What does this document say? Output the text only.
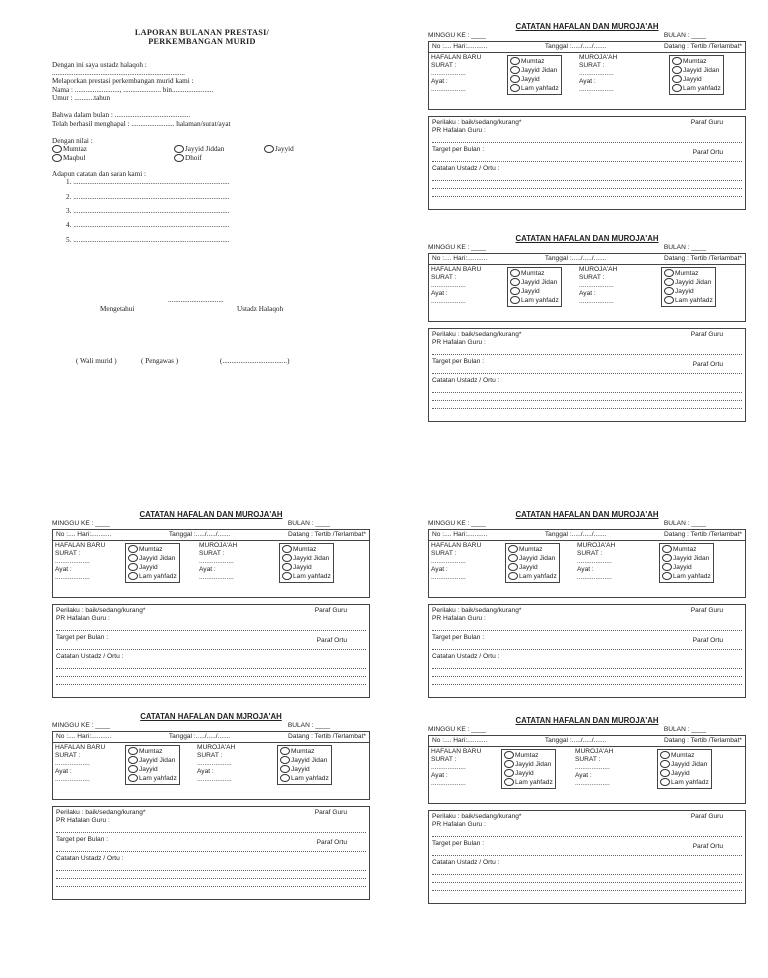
LAPORAN BULANAN PRESTASI/
PERKEMBANGAN MURID
Dengan ini saya ustadz halaqoh :
..........................................................................
Melaporkan prestasi perkembangan murid kami :
Nama : ........................., ..................... bin.......................
Umur : ...........tahun
Bahwa dalam bulan : ..........................................
Telah berhasil menghapal : ........................ halaman/surat/ayat
Dengan nilai :
Mumtaz	Jayyid Jiddan	Jayyid
Maqbul	Dhoif
Adapun catatan dan saran kami :
1. .......................................................................................
2. .......................................................................................
3. .......................................................................................
4. .......................................................................................
5. .......................................................................................
...............................
Mengetahui	Ustadz Halaqoh
( Wali murid )	( Pengawas )	(....................................)
CATATAN HAFALAN DAN MUROJA'AH
MINGGU KE : ____	BULAN : ____
No :.... Hari:...........	Tanggal :...../...../.......	Datang : Tertib /Terlambat*
HAFALAN BARU
SURAT :
...................
Ayat :
...................
Mumtaz
Jayyid Jidan
Jayyid
Lam yahfadz
MUROJA'AH
SURAT :
...................
Ayat :
...................
Mumtaz
Jayyid Jidan
Jayyid
Lam yahfadz
Perilaku : baik/sedang/kurang*
PR Hafalan Guru :
Target per Bulan :
Catatan Ustadz / Ortu :
Paraf Guru
Paraf Ortu
CATATAN HAFALAN DAN MUROJA'AH
MINGGU KE : ____	BULAN : ____
No :.... Hari:...........	Tanggal :...../...../.......	Datang : Tertib /Terlambat*
HAFALAN BARU
SURAT :
...................
Ayat :
...................
Mumtaz
Jayyid Jidan
Jayyid
Lam yahfadz
MUROJA'AH
SURAT :
...................
Ayat :
...................
Mumtaz
Jayyid Jidan
Jayyid
Lam yahfadz
Perilaku : baik/sedang/kurang*
PR Hafalan Guru :
Target per Bulan :
Catatan Ustadz / Ortu :
Paraf Guru
Paraf Ortu
CATATAN HAFALAN DAN MUROJA'AH
MINGGU KE : ____	BULAN : ____
No :.... Hari:...........	Tanggal :...../...../.......	Datang : Tertib /Terlambat*
HAFALAN BARU
SURAT :
...................
Ayat :
...................
Mumtaz
Jayyid Jidan
Jayyid
Lam yahfadz
MUROJA'AH
SURAT :
...................
Ayat :
...................
Mumtaz
Jayyid Jidan
Jayyid
Lam yahfadz
Perilaku : baik/sedang/kurang*
PR Hafalan Guru :
Target per Bulan :
Catatan Ustadz / Ortu :
Paraf Guru
Paraf Ortu
CATATAN HAFALAN DAN MUROJA'AH
MINGGU KE : ____	BULAN : ____
No :.... Hari:...........	Tanggal :...../...../.......	Datang : Tertib /Terlambat*
HAFALAN BARU
SURAT :
...................
Ayat :
...................
Mumtaz
Jayyid Jidan
Jayyid
Lam yahfadz
MUROJA'AH
SURAT :
...................
Ayat :
...................
Mumtaz
Jayyid Jidan
Jayyid
Lam yahfadz
Perilaku : baik/sedang/kurang*
PR Hafalan Guru :
Target per Bulan :
Catatan Ustadz / Ortu :
Paraf Guru
Paraf Ortu
CATATAN HAFALAN DAN MJROJA'AH
MINGGU KE : ____	BULAN : ____
No :.... Hari:...........	Tanggal :...../...../.......	Datang : Tertib /Terlambat*
HAFALAN BARU
SURAT :
...................
Ayat :
...................
Mumtaz
Jayyid Jidan
Jayyid
Lam yahfadz
MUROJA'AH
SURAT :
...................
Ayat :
...................
Mumtaz
Jayyid Jidan
Jayyid
Lam yahfadz
Perilaku : baik/sedang/kurang*
PR Hafalan Guru :
Target per Bulan :
Catatan Ustadz / Ortu :
Paraf Guru
Paraf Ortu
CATATAN HAFALAN DAN MUROJA'AH
MINGGU KE : ____	BULAN : ____
No :.... Hari:...........	Tanggal :...../...../.......	Datang : Tertib /Terlambat*
HAFALAN BARU
SURAT :
...................
Ayat :
...................
Mumtaz
Jayyid Jidan
Jayyid
Lam yahfadz
MUROJA'AH
SURAT :
...................
Ayat :
...................
Mumtaz
Jayyid Jidan
Jayyid
Lam yahfadz
Perilaku : baik/sedang/kurang*
PR Hafalan Guru :
Target per Bulan :
Catatan Ustadz / Ortu :
Paraf Guru
Paraf Ortu
